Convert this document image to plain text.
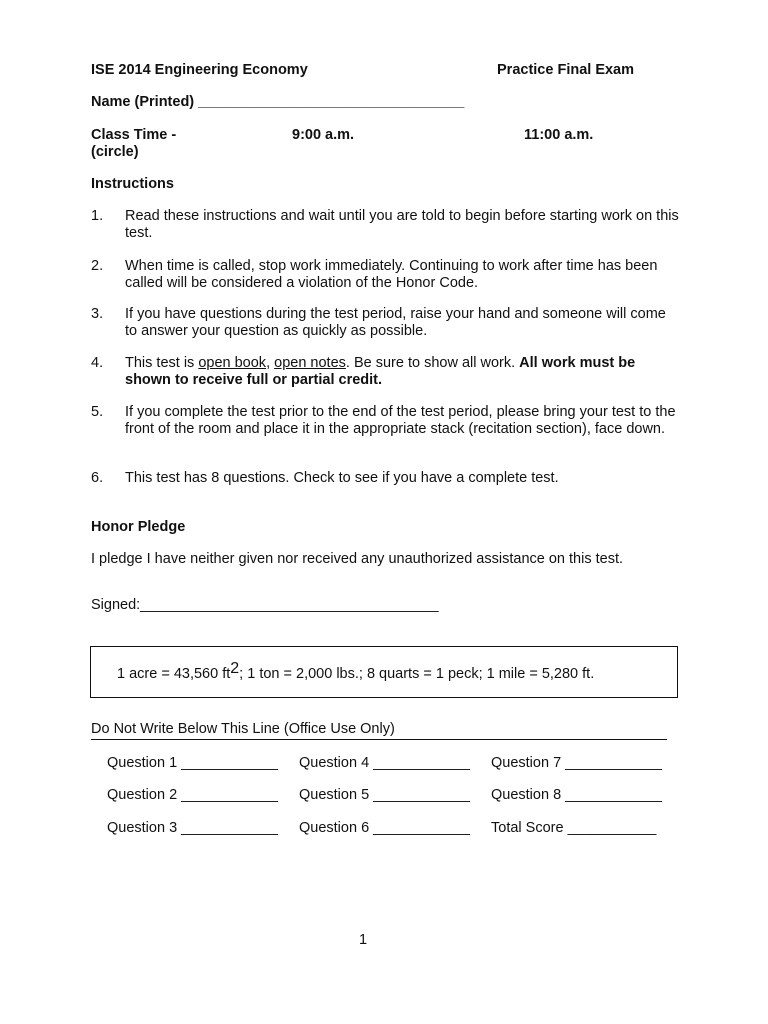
ISE 2014 Engineering Economy	Practice Final Exam
Name (Printed) _________________________________
Class Time -
(circle)
9:00 a.m.	11:00 a.m.
Instructions
1. Read these instructions and wait until you are told to begin before starting work on this test.
2. When time is called, stop work immediately. Continuing to work after time has been called will be considered a violation of the Honor Code.
3. If you have questions during the test period, raise your hand and someone will come to answer your question as quickly as possible.
4. This test is open book, open notes. Be sure to show all work. All work must be shown to receive full or partial credit.
5. If you complete the test prior to the end of the test period, please bring your test to the front of the room and place it in the appropriate stack (recitation section), face down.
6. This test has 8 questions. Check to see if you have a complete test.
Honor Pledge
I pledge I have neither given nor received any unauthorized assistance on this test.
Signed:_____________________________________
1 acre = 43,560 $ft^2$; 1 ton = 2,000 lbs.; 8 quarts = 1 peck; 1 mile = 5,280 ft.
Do Not Write Below This Line (Office Use Only)
Question 1 ____________ Question 4 ____________ Question 7 ____________
Question 2 ____________ Question 5 ____________ Question 8 ____________
Question 3 ____________ Question 6 ____________ Total Score ___________
1
